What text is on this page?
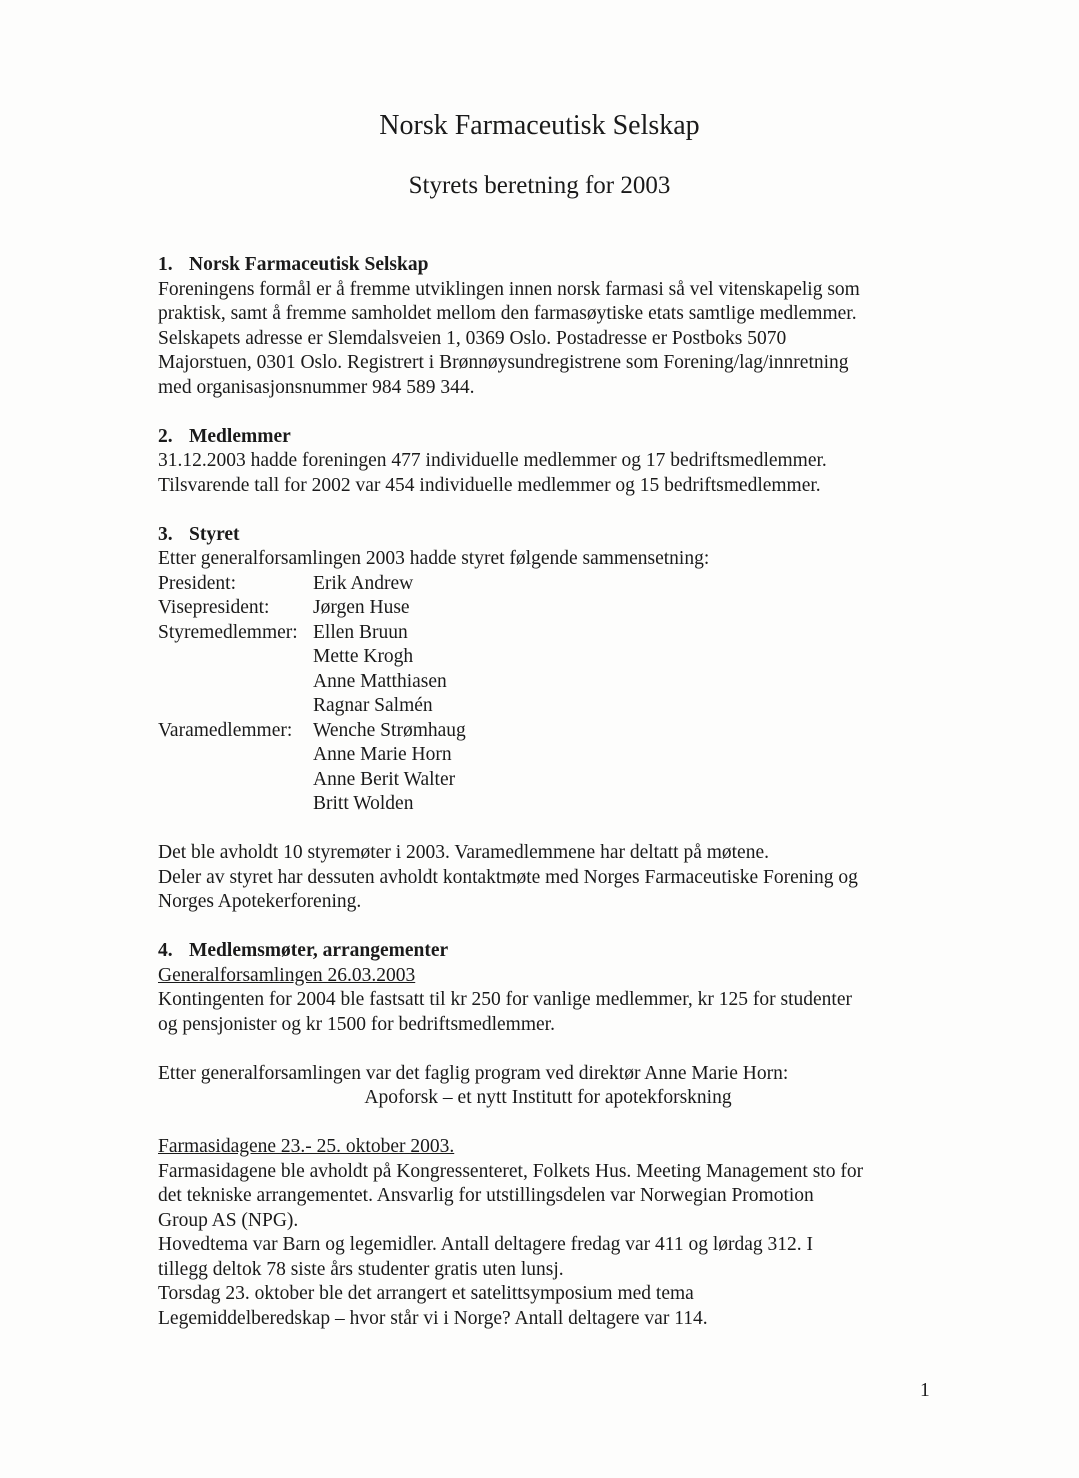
Norsk Farmaceutisk Selskap
Styrets beretning for 2003
1. Norsk Farmaceutisk Selskap
Foreningens formål er å fremme utviklingen innen norsk farmasi så vel vitenskapelig som
praktisk, samt å fremme samholdet mellom den farmasøytiske etats samtlige medlemmer.
Selskapets adresse er Slemdalsveien 1, 0369 Oslo. Postadresse er Postboks 5070
Majorstuen, 0301 Oslo. Registrert i Brønnøysundregistrene som Forening/lag/innretning
med organisasjonsnummer 984 589 344.
2. Medlemmer
31.12.2003 hadde foreningen 477 individuelle medlemmer og 17 bedriftsmedlemmer.
Tilsvarende tall for 2002 var 454 individuelle medlemmer og 15 bedriftsmedlemmer.
3. Styret
Etter generalforsamlingen 2003 hadde styret følgende sammensetning:
President:	Erik Andrew
Visepresident:	Jørgen Huse
Styremedlemmer: Ellen Bruun
Mette Krogh
Anne Matthiasen
Ragnar Salmén
Varamedlemmer:	Wenche Strømhaug
Anne Marie Horn
Anne Berit Walter
Britt Wolden
Det ble avholdt 10 styremøter i 2003. Varamedlemmene har deltatt på møtene.
Deler av styret har dessuten avholdt kontaktmøte med Norges Farmaceutiske Forening og
Norges Apotekerforening.
4. Medlemsmøter, arrangementer
Generalforsamlingen 26.03.2003
Kontingenten for 2004 ble fastsatt til kr 250 for vanlige medlemmer, kr 125 for studenter
og pensjonister og kr 1500 for bedriftsmedlemmer.
Etter generalforsamlingen var det faglig program ved direktør Anne Marie Horn:
Apoforsk – et nytt Institutt for apotekforskning
Farmasidagene 23.- 25. oktober 2003.
Farmasidagene ble avholdt på Kongressenteret, Folkets Hus. Meeting Management sto for
det tekniske arrangementet. Ansvarlig for utstillingsdelen var Norwegian Promotion
Group AS (NPG).
Hovedtema var Barn og legemidler. Antall deltagere fredag var 411 og lørdag 312. I
tillegg deltok 78 siste års studenter gratis uten lunsj.
Torsdag 23. oktober ble det arrangert et satelittsymposium med tema
Legemiddelberedskap – hvor står vi i Norge? Antall deltagere var 114.
1
